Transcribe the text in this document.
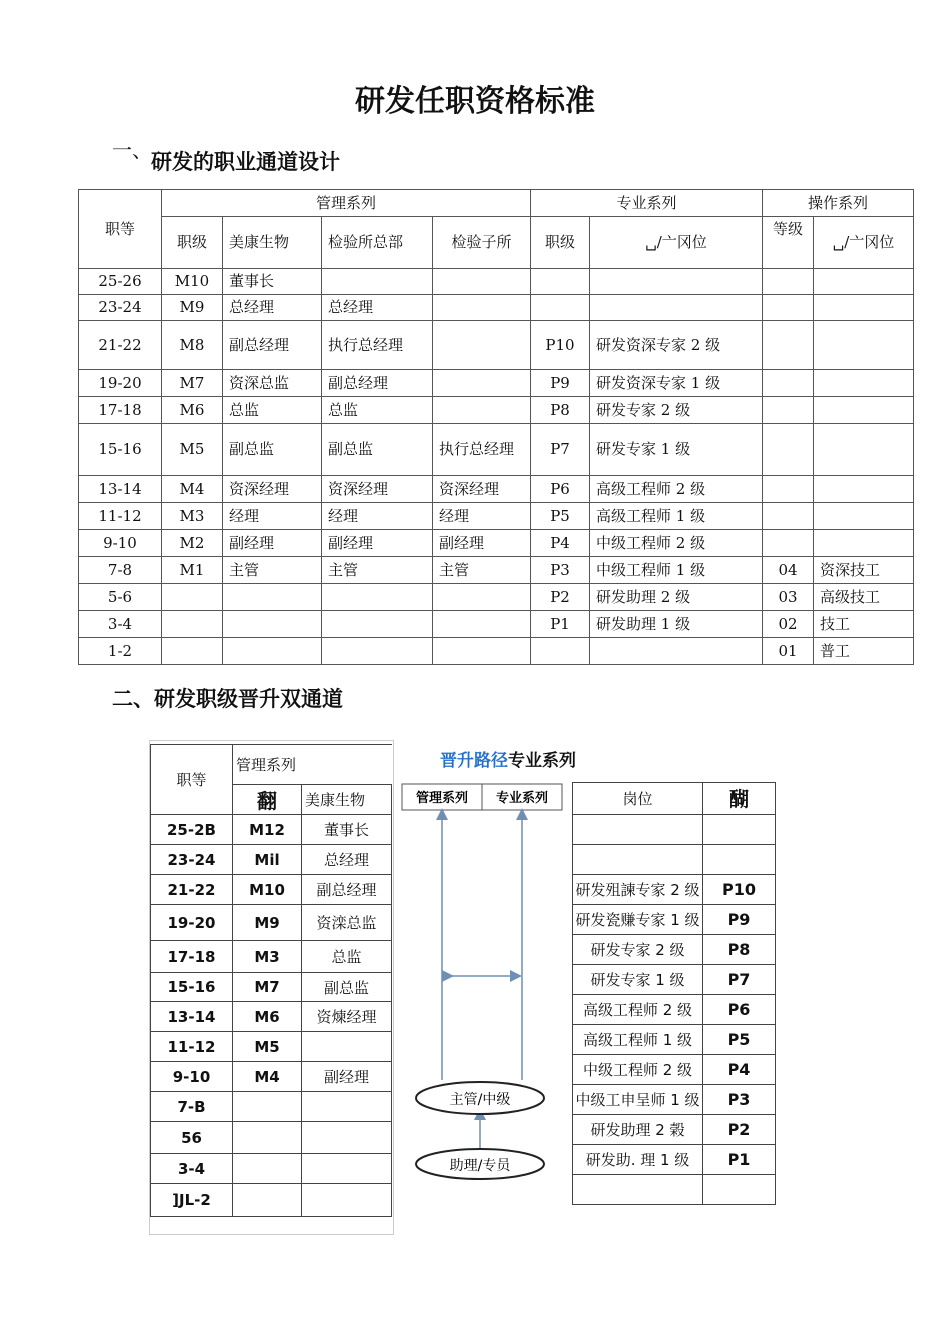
研发任职资格标准
一、 研发的职业通道设计
职等	管理系列				专业系列		操作系列	
	职级	美康生物	检验所总部	检验子所	职级	␣/亠冈位	等级	␣/亠冈位
25-26	M10	董事长						
23-24	M9	总经理	总经理					
21-22	M8	副总经理	执行总经理		P10	研发资深专家 2 级		
19-20	M7	资深总监	副总经理		P9	研发资深专家 1 级		
17-18	M6	总监	总监		P8	研发专家 2 级		
15-16	M5	副总监	副总监	执行总经理	P7	研发专家 1 级		
13-14	M4	资深经理	资深经理	资深经理	P6	高级工程师 2 级		
11-12	M3	经理	经理	经理	P5	高级工程师 1 级		
9-10	M2	副经理	副经理	副经理	P4	中级工程师 2 级		
7-8	M1	主管	主管	主管	P3	中级工程师 1 级	04	资深技工
5-6					P2	研发助理 2 级	03	高级技工
3-4					P1	研发助理 1 级	02	技工
1-2							01	普工
二、研发职级晋升双通道
职等	管理系列	
	翻	美康生物
25-2B	M12	董事长
23-24	Mil	总经理
21-22	M10	副总经理
19-20	M9	资滦总监
17-18	M3	总监
15-16	M7	副总监
13-14	M6	资煉经理
11-12	M5	
9-10	M4	副经理
7-B		
56		
3-4		
]JL-2		
晋升路径专业系列
管理系列 专业系列
主管/中级
助理/专员
岗位	醐

研发殂諫专家 2 级	P10
研发瓷赚专家 1 级	P9
研发专家 2 级	P8
研发专家 1 级	P7
高级工程师 2 级	P6
高级工程师 1 级	P5
中级工程师 2 级	P4
中级工申呈师 1 级	P3
研发助理 2 榖	P2
研发助. 理 1 级	P1
